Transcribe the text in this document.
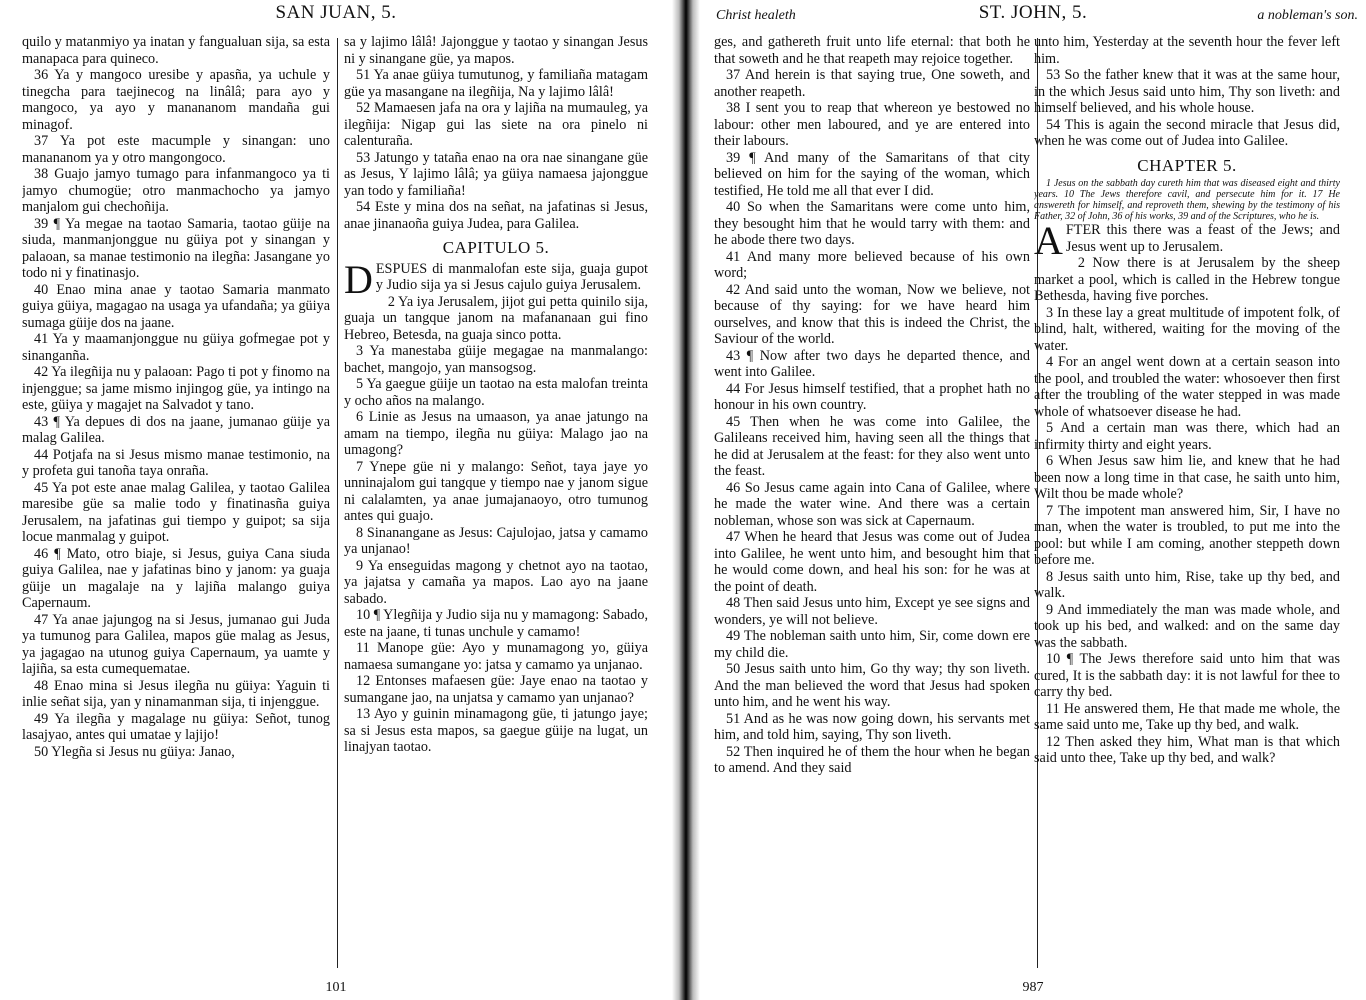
SAN JUAN, 5.

quilo y matanmiyo ya inatan y fangualuan sija, sa esta manapaca para quineco.

36 Ya y mangoco uresibe y apasña, ya uchule y tinegcha para taejinecog na linâlâ; para ayo y mangoco, ya ayo y manananom mandaña gui minagof.

37 Ya pot este macumple y sinangan: uno manananom ya y otro mangongoco.

38 Guajo jamyo tumago para infanmangoco ya ti jamyo chumogüe; otro manmachocho ya jamyo manjalom gui chechoñija.

39 ¶ Ya megae na taotao Samaria, taotao güije na siuda, manmanjonggue nu güiya pot y sinangan y palaoan, sa manae testimonio na ilegña: Jasangane yo todo ni y finatinasjo.

40 Enao mina anae y taotao Samaria manmato guiya güiya, magagao na usaga ya ufandaña; ya güiya sumaga güije dos na jaane.

41 Ya y maamanjonggue nu güiya gofmegae pot y sinanganña.

42 Ya ilegñija nu y palaoan: Pago ti pot y finomo na injenggue; sa jame mismo injingog güe, ya intingo na este, güiya y magajet na Salvadot y tano.

43 ¶ Ya depues di dos na jaane, jumanao güije ya malag Galilea.

44 Potjafa na si Jesus mismo manae testimonio, na y profeta gui tanoña taya onraña.

45 Ya pot este anae malag Galilea, y taotao Galilea maresibe güe sa malie todo y finatinasña guiya Jerusalem, na jafatinas gui tiempo y guipot; sa sija locue manmalag y guipot.

46 ¶ Mato, otro biaje, si Jesus, guiya Cana siuda guiya Galilea, nae y jafatinas bino y janom: ya guaja güije un magalaje na y lajiña malango guiya Capernaum.

47 Ya anae jajungog na si Jesus, jumanao gui Juda ya tumunog para Galilea, mapos güe malag as Jesus, ya jagagao na utunog guiya Capernaum, ya uamte y lajiña, sa esta cumequematae.

48 Enao mina si Jesus ilegña nu güiya: Yaguin ti inlie señat sija, yan y ninamanman sija, ti injenggue.

49 Ya ilegña y magalage nu güiya: Señot, tunog lasajyao, antes qui umatae y lajijo!

50 Ylegña si Jesus nu güiya: Janao,

sa y lajimo lâlâ! Jajonggue y taotao y sinangan Jesus ni y sinangane güe, ya mapos.

51 Ya anae güiya tumutunog, y familiaña matagam güe ya masangane na ilegñija, Na y lajimo lâlâ!

52 Mamaesen jafa na ora y lajiña na mumauleg, ya ilegñija: Nigap gui las siete na ora pinelo ni calenturaña.

53 Jatungo y tataña enao na ora nae sinangane güe as Jesus, Y lajimo lâlâ; ya güiya namaesa jajonggue yan todo y familiaña!

54 Este y mina dos na señat, na jafatinas si Jesus, anae jinanaoña guiya Judea, para Galilea.

CAPITULO 5.

DESPUES di manmalofan este sija, guaja gupot y Judio sija ya si Jesus cajulo guiya Jerusalem.

2 Ya iya Jerusalem, jijot gui petta quinilo sija, guaja un tangque janom na mafananaan gui fino Hebreo, Betesda, na guaja sinco potta.

3 Ya manestaba güije megagae na manmalango: bachet, mangojo, yan mansogsog.

5 Ya gaegue güije un taotao na esta malofan treinta y ocho años na malango.

6 Linie as Jesus na umaason, ya anae jatungo na amam na tiempo, ilegña nu güiya: Malago jao na umagong?

7 Ynepe güe ni y malango: Señot, taya jaye yo unninajalom gui tangque y tiempo nae y janom sigue ni calalamten, ya anae jumajanaoyo, otro tumunog antes qui guajo.

8 Sinanangane as Jesus: Cajulojao, jatsa y camamo ya unjanao!

9 Ya enseguidas magong y chetnot ayo na taotao, ya jajatsa y camaña ya mapos. Lao ayo na jaane sabado.

10 ¶ Ylegñija y Judio sija nu y mamagong: Sabado, este na jaane, ti tunas unchule y camamo!

11 Manope güe: Ayo y munamagong yo, güiya namaesa sumangane yo: jatsa y camamo ya unjanao.

12 Entonses mafaesen güe: Jaye enao na taotao y sumangane jao, na unjatsa y camamo yan unjanao?

13 Ayo y guinin minamagong güe, ti jatungo jaye; sa si Jesus esta mapos, sa gaegue güije na lugat, un linajyan taotao.

101
Christ healeth	ST. JOHN, 5.	a nobleman's son.

ges, and gathereth fruit unto life eternal: that both he that soweth and he that reapeth may rejoice together.

37 And herein is that saying true, One soweth, and another reapeth.

38 I sent you to reap that whereon ye bestowed no labour: other men laboured, and ye are entered into their labours.

39 ¶ And many of the Samaritans of that city believed on him for the saying of the woman, which testified, He told me all that ever I did.

40 So when the Samaritans were come unto him, they besought him that he would tarry with them: and he abode there two days.

41 And many more believed because of his own word;

42 And said unto the woman, Now we believe, not because of thy saying: for we have heard him ourselves, and know that this is indeed the Christ, the Saviour of the world.

43 ¶ Now after two days he departed thence, and went into Galilee.

44 For Jesus himself testified, that a prophet hath no honour in his own country.

45 Then when he was come into Galilee, the Galileans received him, having seen all the things that he did at Jerusalem at the feast: for they also went unto the feast.

46 So Jesus came again into Cana of Galilee, where he made the water wine. And there was a certain nobleman, whose son was sick at Capernaum.

47 When he heard that Jesus was come out of Judea into Galilee, he went unto him, and besought him that he would come down, and heal his son: for he was at the point of death.

48 Then said Jesus unto him, Except ye see signs and wonders, ye will not believe.

49 The nobleman saith unto him, Sir, come down ere my child die.

50 Jesus saith unto him, Go thy way; thy son liveth. And the man believed the word that Jesus had spoken unto him, and he went his way.

51 And as he was now going down, his servants met him, and told him, saying, Thy son liveth.

52 Then inquired he of them the hour when he began to amend. And they said

unto him, Yesterday at the seventh hour the fever left him.

53 So the father knew that it was at the same hour, in the which Jesus said unto him, Thy son liveth: and himself believed, and his whole house.

54 This is again the second miracle that Jesus did, when he was come out of Judea into Galilee.

CHAPTER 5.

1 Jesus on the sabbath day cureth him that was diseased eight and thirty years. 10 The Jews therefore cavil, and persecute him for it. 17 He answereth for himself, and reproveth them, shewing by the testimony of his Father, 32 of John, 36 of his works, 39 and of the Scriptures, who he is.

AFTER this there was a feast of the Jews; and Jesus went up to Jerusalem.

2 Now there is at Jerusalem by the sheep market a pool, which is called in the Hebrew tongue Bethesda, having five porches.

3 In these lay a great multitude of impotent folk, of blind, halt, withered, waiting for the moving of the water.

4 For an angel went down at a certain season into the pool, and troubled the water: whosoever then first after the troubling of the water stepped in was made whole of whatsoever disease he had.

5 And a certain man was there, which had an infirmity thirty and eight years.

6 When Jesus saw him lie, and knew that he had been now a long time in that case, he saith unto him, Wilt thou be made whole?

7 The impotent man answered him, Sir, I have no man, when the water is troubled, to put me into the pool: but while I am coming, another steppeth down before me.

8 Jesus saith unto him, Rise, take up thy bed, and walk.

9 And immediately the man was made whole, and took up his bed, and walked: and on the same day was the sabbath.

10 ¶ The Jews therefore said unto him that was cured, It is the sabbath day: it is not lawful for thee to carry thy bed.

11 He answered them, He that made me whole, the same said unto me, Take up thy bed, and walk.

12 Then asked they him, What man is that which said unto thee, Take up thy bed, and walk?

987
